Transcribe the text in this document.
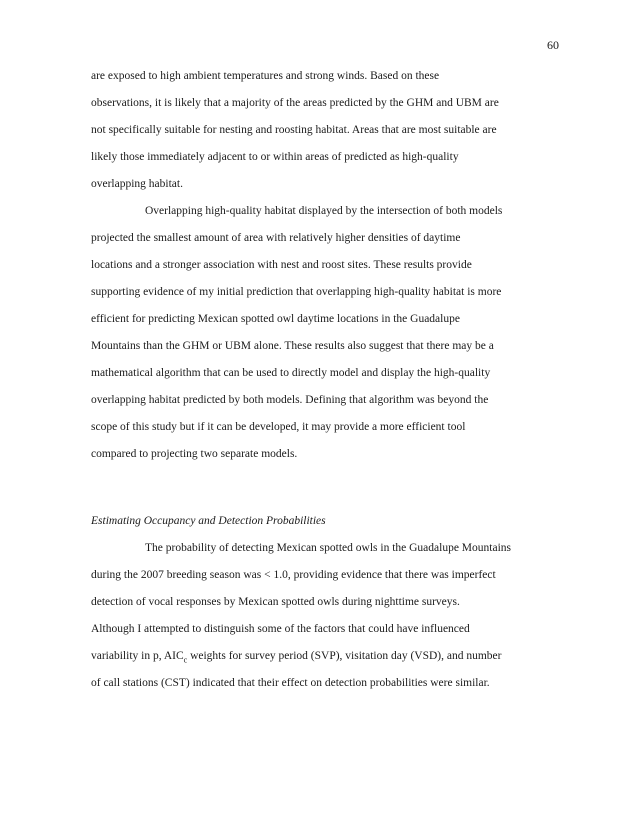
60
are exposed to high ambient temperatures and strong winds. Based on these
observations, it is likely that a majority of the areas predicted by the GHM and UBM are
not specifically suitable for nesting and roosting habitat. Areas that are most suitable are
likely those immediately adjacent to or within areas of predicted as high-quality
overlapping habitat.
Overlapping high-quality habitat displayed by the intersection of both models
projected the smallest amount of area with relatively higher densities of daytime
locations and a stronger association with nest and roost sites. These results provide
supporting evidence of my initial prediction that overlapping high-quality habitat is more
efficient for predicting Mexican spotted owl daytime locations in the Guadalupe
Mountains than the GHM or UBM alone. These results also suggest that there may be a
mathematical algorithm that can be used to directly model and display the high-quality
overlapping habitat predicted by both models. Defining that algorithm was beyond the
scope of this study but if it can be developed, it may provide a more efficient tool
compared to projecting two separate models.
Estimating Occupancy and Detection Probabilities
The probability of detecting Mexican spotted owls in the Guadalupe Mountains
during the 2007 breeding season was < 1.0, providing evidence that there was imperfect
detection of vocal responses by Mexican spotted owls during nighttime surveys.
Although I attempted to distinguish some of the factors that could have influenced
variability in p, $AIC_c$ weights for survey period (SVP), visitation day (VSD), and number
of call stations (CST) indicated that their effect on detection probabilities were similar.
